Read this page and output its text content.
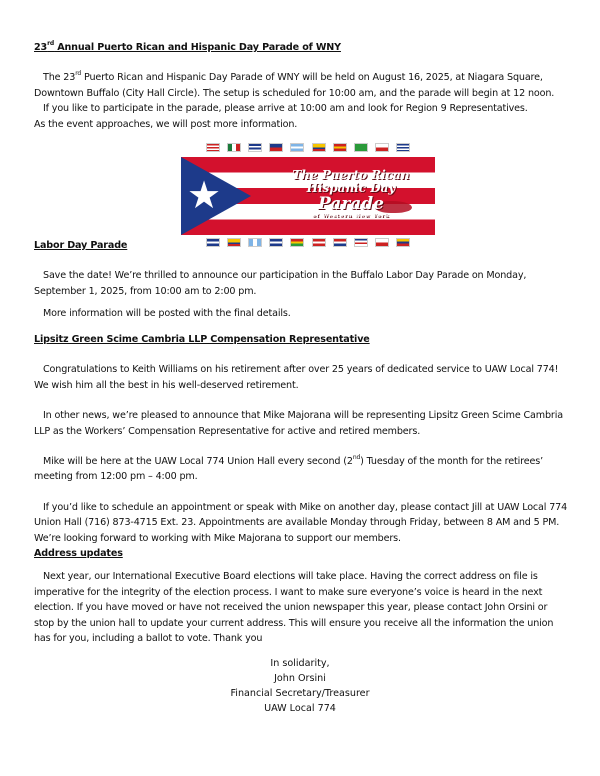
23rd Annual Puerto Rican and Hispanic Day Parade of WNY

The 23rd Puerto Rican and Hispanic Day Parade of WNY will be held on August 16, 2025, at Niagara Square, Downtown Buffalo (City Hall Circle). The setup is scheduled for 10:00 am, and the parade will begin at 12 noon.

If you like to participate in the parade, please arrive at 10:00 am and look for Region 9 Representatives.

As the event approaches, we will post more information.

★	The Puerto Rican
Hispanic Day
Parade
of Western New York

Labor Day Parade

Save the date! We’re thrilled to announce our participation in the Buffalo Labor Day Parade on Monday, September 1, 2025, from 10:00 am to 2:00 pm.

More information will be posted with the final details.

Lipsitz Green Scime Cambria LLP Compensation Representative

Congratulations to Keith Williams on his retirement after over 25 years of dedicated service to UAW Local 774! We wish him all the best in his well-deserved retirement.

In other news, we’re pleased to announce that Mike Majorana will be representing Lipsitz Green Scime Cambria LLP as the Workers’ Compensation Representative for active and retired members.

Mike will be here at the UAW Local 774 Union Hall every second (2nd) Tuesday of the month for the retirees’ meeting from 12:00 pm – 4:00 pm.

If you’d like to schedule an appointment or speak with Mike on another day, please contact Jill at UAW Local 774 Union Hall (716) 873-4715 Ext. 23. Appointments are available Monday through Friday, between 8 AM and 5 PM. We’re looking forward to working with Mike Majorana to support our members.

Address updates

Next year, our International Executive Board elections will take place. Having the correct address on file is imperative for the integrity of the election process. I want to make sure everyone’s voice is heard in the next election. If you have moved or have not received the union newspaper this year, please contact John Orsini or stop by the union hall to update your current address. This will ensure you receive all the information the union has for you, including a ballot to vote. Thank you

In solidarity,
John Orsini
Financial Secretary/Treasurer
UAW Local 774
